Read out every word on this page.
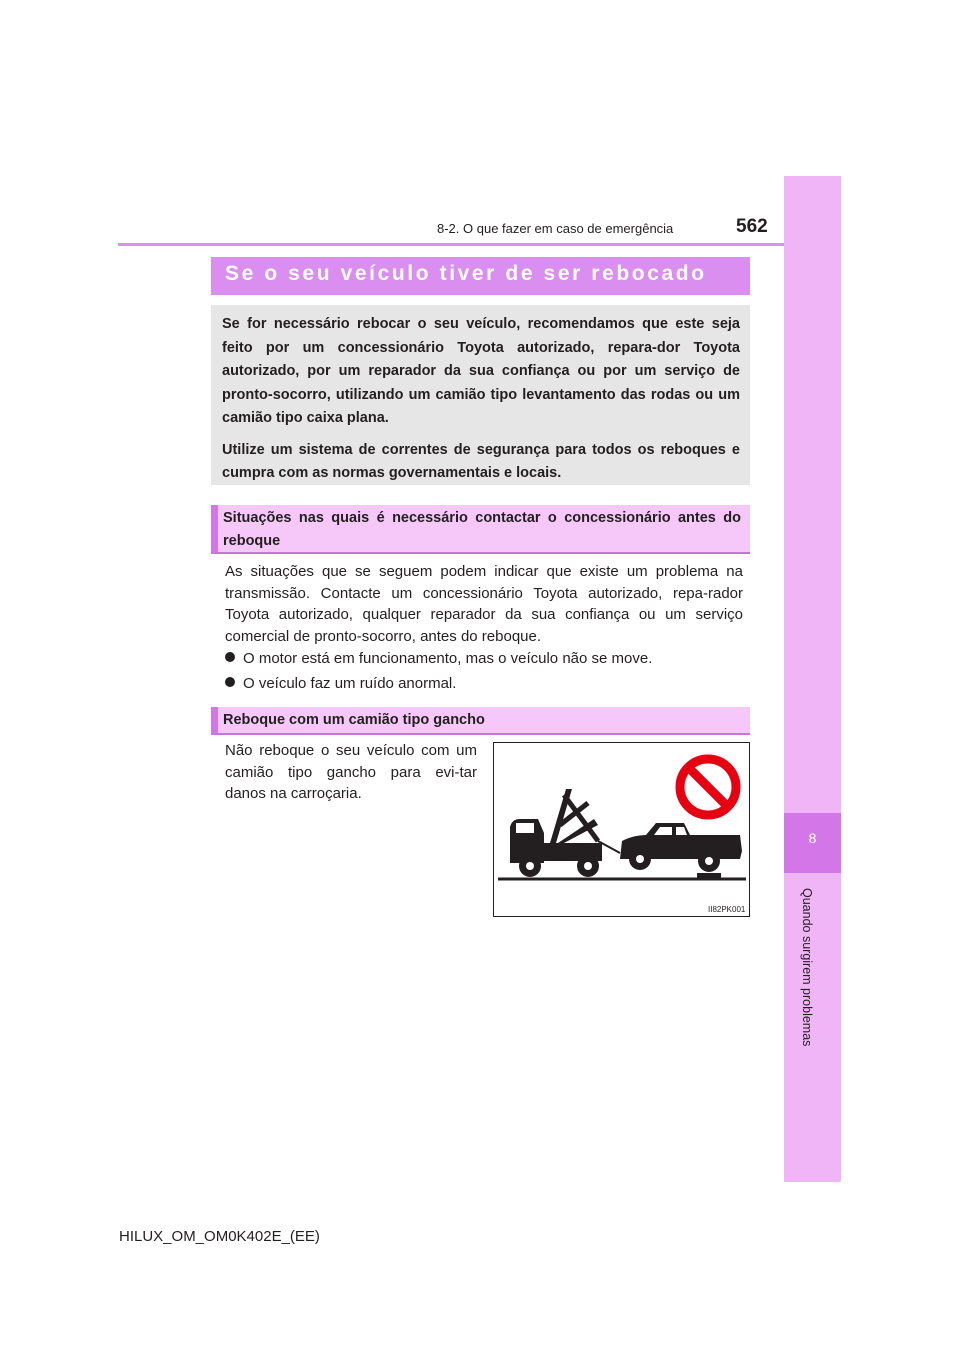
562
8-2. O que fazer em caso de emergência
8
Quando surgirem problemas
Se o seu veículo tiver de ser rebocado

Se for necessário rebocar o seu veículo, recomendamos que este seja feito por um concessionário Toyota autorizado, repara-dor Toyota autorizado, por um reparador da sua confiança ou por um serviço de pronto-socorro, utilizando um camião tipo levantamento das rodas ou um camião tipo caixa plana.

Utilize um sistema de correntes de segurança para todos os reboques e cumpra com as normas governamentais e locais.

Situações nas quais é necessário contactar o concessionário antes do reboque
As situações que se seguem podem indicar que existe um problema na transmissão. Contacte um concessionário Toyota autorizado, repa-rador Toyota autorizado, qualquer reparador da sua confiança ou um serviço comercial de pronto-socorro, antes do reboque.
O motor está em funcionamento, mas o veículo não se move.
O veículo faz um ruído anormal.
Reboque com um camião tipo gancho
Não reboque o seu veículo com um camião tipo gancho para evi-tar danos na carroçaria.
II82PK001
HILUX_OM_OM0K402E_(EE)
